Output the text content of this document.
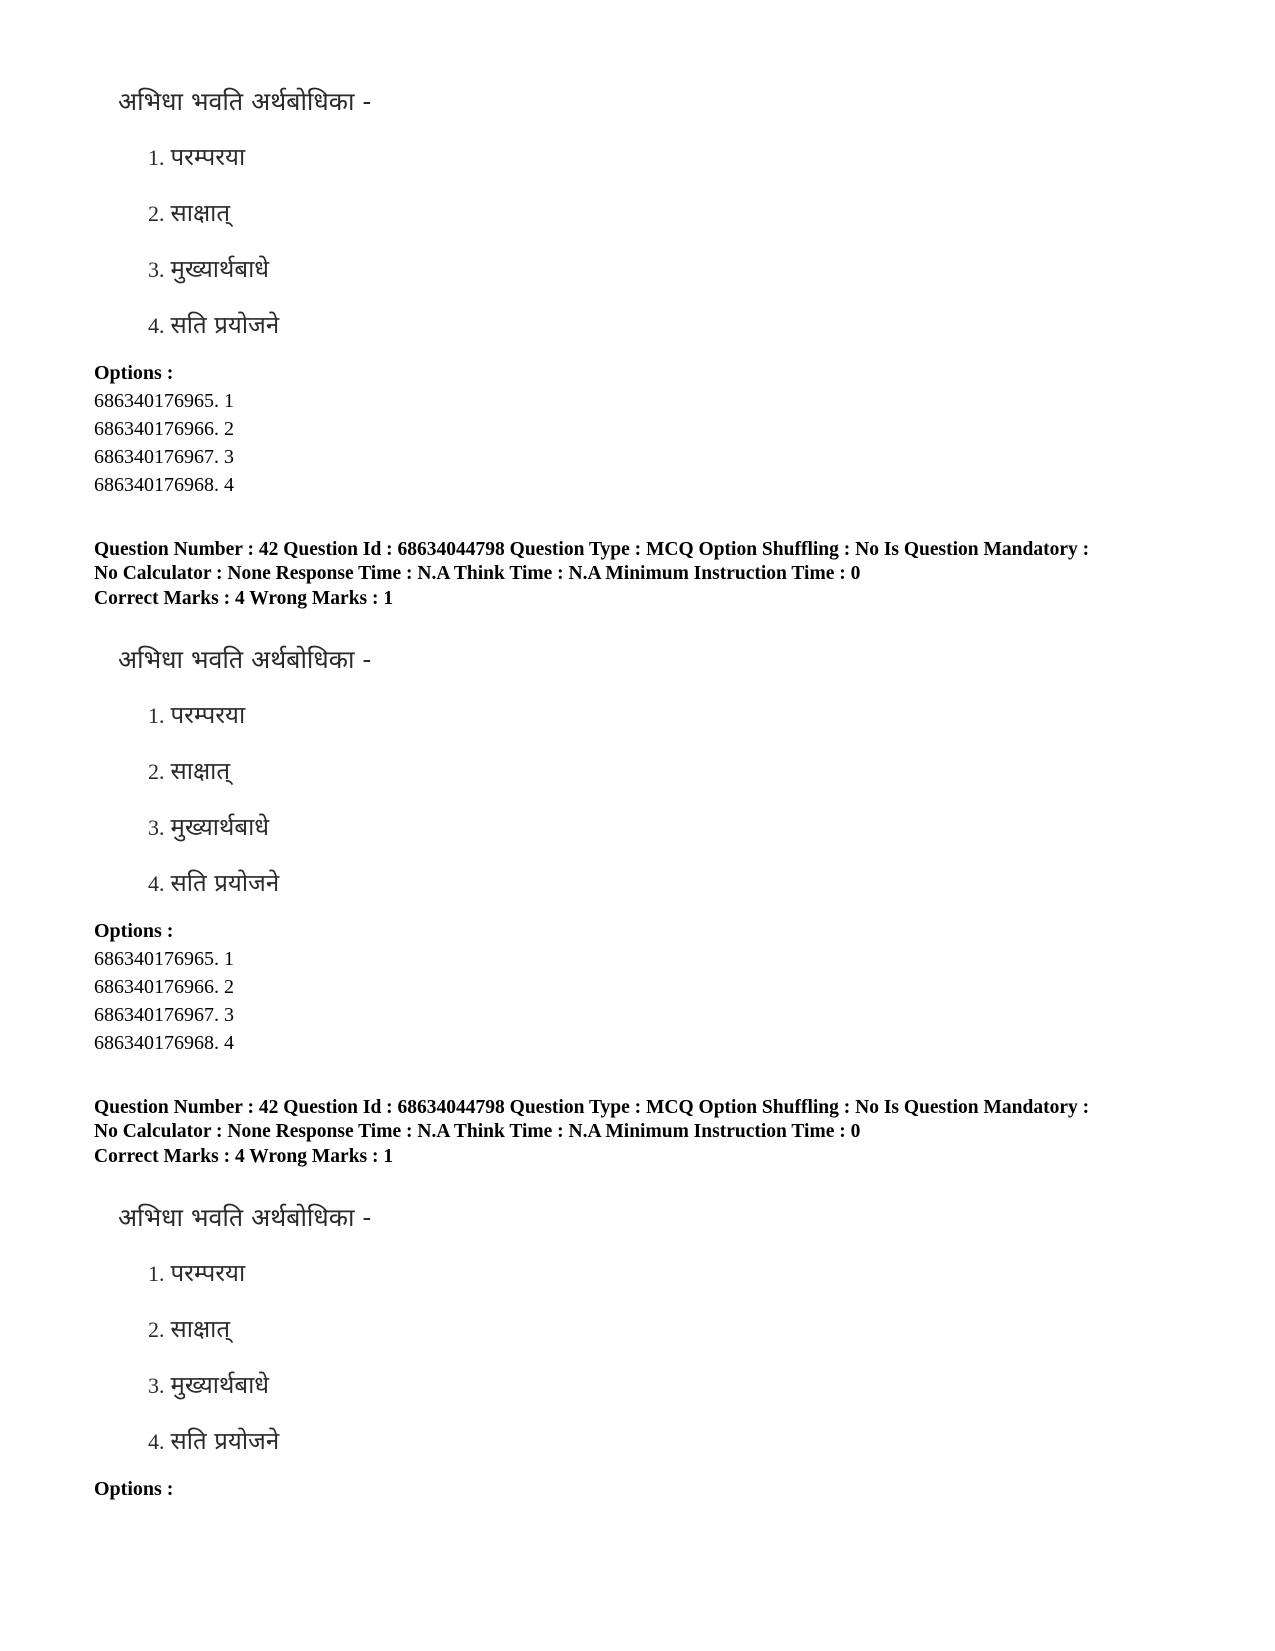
अभिधा भवति अर्थबोधिका -
1. परम्परया
2. साक्षात्
3. मुख्यार्थबाधे
4. सति प्रयोजने
Options :
686340176965. 1
686340176966. 2
686340176967. 3
686340176968. 4
Question Number : 42 Question Id : 68634044798 Question Type : MCQ Option Shuffling : No Is Question Mandatory :
No Calculator : None Response Time : N.A Think Time : N.A Minimum Instruction Time : 0
Correct Marks : 4 Wrong Marks : 1
अभिधा भवति अर्थबोधिका -
1. परम्परया
2. साक्षात्
3. मुख्यार्थबाधे
4. सति प्रयोजने
Options :
686340176965. 1
686340176966. 2
686340176967. 3
686340176968. 4
Question Number : 42 Question Id : 68634044798 Question Type : MCQ Option Shuffling : No Is Question Mandatory :
No Calculator : None Response Time : N.A Think Time : N.A Minimum Instruction Time : 0
Correct Marks : 4 Wrong Marks : 1
अभिधा भवति अर्थबोधिका -
1. परम्परया
2. साक्षात्
3. मुख्यार्थबाधे
4. सति प्रयोजने
Options :
